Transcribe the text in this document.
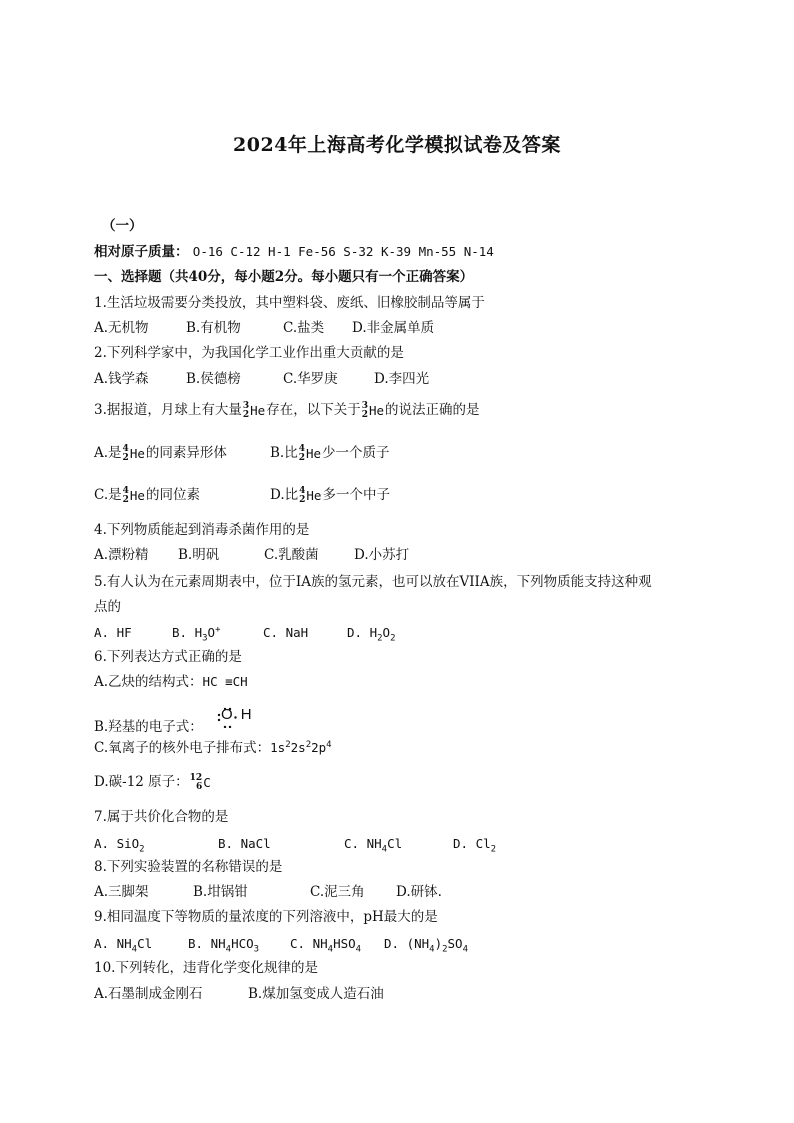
2024年上海高考化学模拟试卷及答案
（一）
相对原子质量： O-16 C-12 H-1 Fe-56 S-32 K-39 Mn-55 N-14
一、选择题（共40分，每小题2分。每小题只有一个正确答案）
1.生活垃圾需要分类投放，其中塑料袋、废纸、旧橡胶制品等属于
A.无机物	B.有机物	C.盐类 D.非金属单质
2.下列科学家中，为我国化学工业作出重大贡献的是
A.钱学森	B.侯德榜	C.华罗庚	D.李四光
3.据报道，月球上有大量 3
2 He 存在，以下关于 3
2 He 的说法正确的是
A.是 4
2 He 的同素异形体	B.比 4
2 He 少一个质子
C.是 4
2 He 的同位素	D.比 4
2 He 多一个中子
4.下列物质能起到消毒杀菌作用的是
A.漂粉精 B.明矾	C.乳酸菌	D.小苏打
5.有人认为在元素周期表中，位于IA族的氢元素，也可以放在VIIA族，下列物质能支持这种观
点的
A. HF	B. $H_3O^+$	C. NaH	D. $H_2O_2$
6.下列表达方式正确的是
A.乙炔的结构式：HC ≡CH
B.羟基的电子式：
O H
C.氧离子的核外电子排布式：$1s^22s^22p^4$
D.碳-12 原子： 12
6 C
7.属于共价化合物的是
A. SiO$_2$	B. NaCl	C. $NH_4Cl$	D. $Cl_2$
8.下列实验装置的名称错误的是
A.三脚架	B.坩锅钳	C.泥三角 D.研钵.
9.相同温度下等物质的量浓度的下列溶液中，pH最大的是
A. $NH_4Cl$	B. $NH_4HCO_3$ C. $NH_4HSO_4$ D. $(NH_4)_2SO_4$
10.下列转化，违背化学变化规律的是
A.石墨制成金刚石	B.煤加氢变成人造石油
